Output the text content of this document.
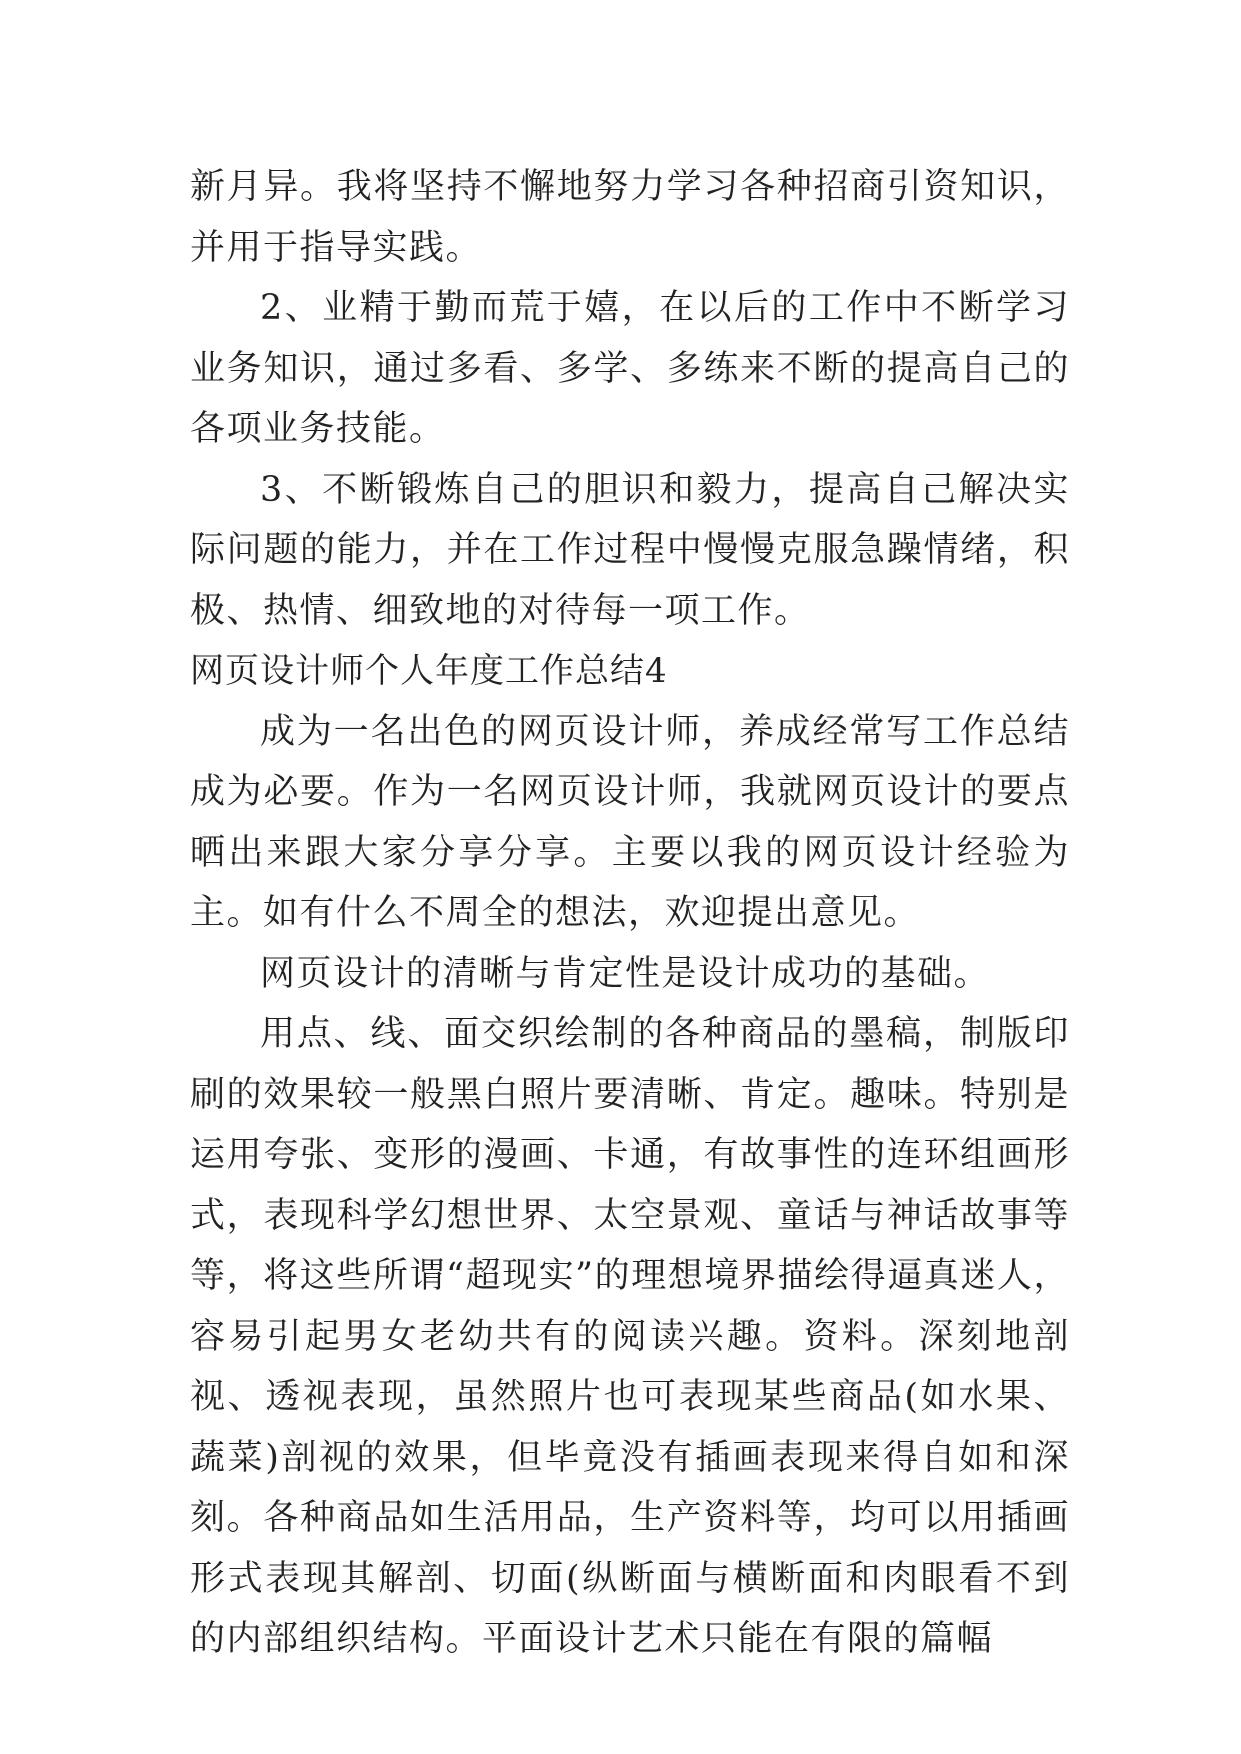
新月异。我将坚持不懈地努力学习各种招商引资知识，并用于指导实践。

2、业精于勤而荒于嬉，在以后的工作中不断学习业务知识，通过多看、多学、多练来不断的提高自己的各项业务技能。

3、不断锻炼自己的胆识和毅力，提高自己解决实际问题的能力，并在工作过程中慢慢克服急躁情绪，积极、热情、细致地的对待每一项工作。

网页设计师个人年度工作总结4

成为一名出色的网页设计师，养成经常写工作总结成为必要。作为一名网页设计师，我就网页设计的要点晒出来跟大家分享分享。主要以我的网页设计经验为主。如有什么不周全的想法，欢迎提出意见。

网页设计的清晰与肯定性是设计成功的基础。

用点、线、面交织绘制的各种商品的墨稿，制版印刷的效果较一般黑白照片要清晰、肯定。趣味。特别是运用夸张、变形的漫画、卡通，有故事性的连环组画形式，表现科学幻想世界、太空景观、童话与神话故事等等，将这些所谓“超现实”的理想境界描绘得逼真迷人，容易引起男女老幼共有的阅读兴趣。资料。深刻地剖视、透视表现，虽然照片也可表现某些商品(如水果、蔬菜)剖视的效果，但毕竟没有插画表现来得自如和深刻。各种商品如生活用品，生产资料等，均可以用插画形式表现其解剖、切面(纵断面与横断面和肉眼看不到的内部组织结构。平面设计艺术只能在有限的篇幅
